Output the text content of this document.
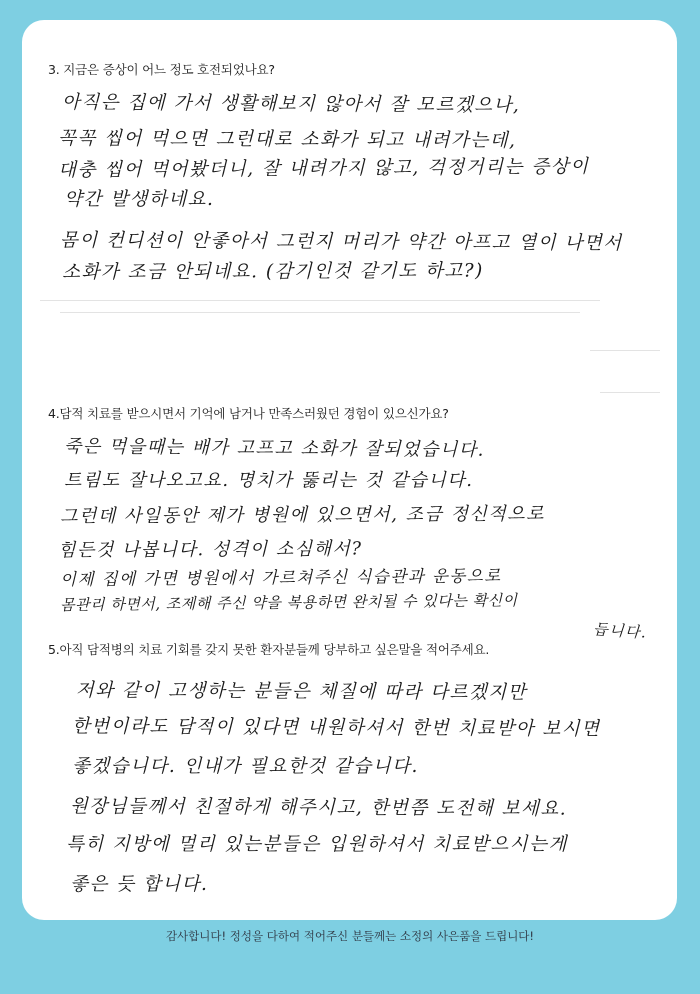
3. 지금은 증상이 어느 정도 호전되었나요?
아직은 집에 가서 생활해보지 않아서 잘 모르겠으나,
꼭꼭 씹어 먹으면 그런대로 소화가 되고 내려가는데,
대충 씹어 먹어봤더니, 잘 내려가지 않고, 걱정거리는 증상이
약간 발생하네요.
몸이 컨디션이 안좋아서 그런지 머리가 약간 아프고 열이 나면서
소화가 조금 안되네요. (감기인것 같기도 하고?)
4.담적 치료를 받으시면서 기억에 남거나 만족스러웠던 경험이 있으신가요?
죽은 먹을때는 배가 고프고 소화가 잘되었습니다.
트림도 잘나오고요. 명치가 뚫리는 것 같습니다.
그런데 사일동안 제가 병원에 있으면서, 조금 정신적으로
힘든것 나봅니다. 성격이 소심해서?
이제 집에 가면 병원에서 가르쳐주신 식습관과 운동으로
몸관리 하면서, 조제해 주신 약을 복용하면 완치될 수 있다는 확신이
듭니다.
5.아직 담적병의 치료 기회를 갖지 못한 환자분들께 당부하고 싶은말을 적어주세요.
저와 같이 고생하는 분들은 체질에 따라 다르겠지만
한번이라도 담적이 있다면 내원하셔서 한번 치료받아 보시면
좋겠습니다. 인내가 필요한것 같습니다.
원장님들께서 친절하게 해주시고, 한번쯤 도전해 보세요.
특히 지방에 멀리 있는분들은 입원하셔서 치료받으시는게
좋은 듯 합니다.
감사합니다! 정성을 다하여 적어주신 분들께는 소정의 사은품을 드립니다!
